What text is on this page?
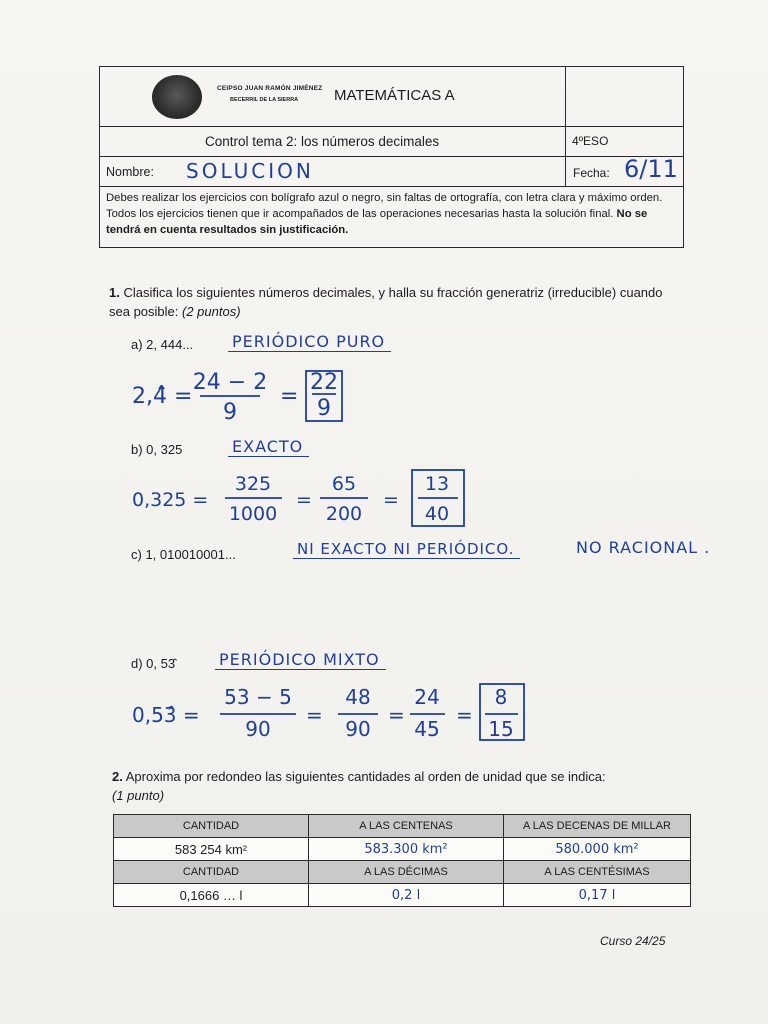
CEIPSO JUAN RAMÓN JIMÉNEZ
BECERRIL DE LA SIERRA MATEMÁTICAS A
Control tema 2: los números decimales	4ºESO
Nombre: SOLUCION	Fecha: 6/11
Debes realizar los ejercicios con bolígrafo azul o negro, sin faltas de ortografía, con letra clara y máximo orden. Todos los ejercicios tienen que ir acompañados de las operaciones necesarias hasta la solución final. No se tendrá en cuenta resultados sin justificación.
1. Clasifica los siguientes números decimales, y halla su fracción generatriz (irreducible) cuando sea posible: (2 puntos)
a) 2, 444... PERIÓDICO PURO
2,4̂ =
24 − 2
9
=
22
9
b) 0, 325	EXACTO
0,325 =
325
1000
=
65
200
=
13
40
c) 1, 010010001...	NI EXACTO NI PERIÓDICO.	NO RACIONAL .
d) 0, 53̂	PERIÓDICO MIXTO
0,53̂ =
53 − 5
90
=
48
90
=
24
45
=
8
15
2. Aproxima por redondeo las siguientes cantidades al orden de unidad que se indica:
(1 punto)
CANTIDAD	A LAS CENTENAS	A LAS DECENAS DE MILLAR
583 254 km²	583.300 km²	580.000 km²
CANTIDAD	A LAS DÉCIMAS	A LAS CENTÉSIMAS
0,1666 … l	0,2 l	0,17 l
Curso 24/25
